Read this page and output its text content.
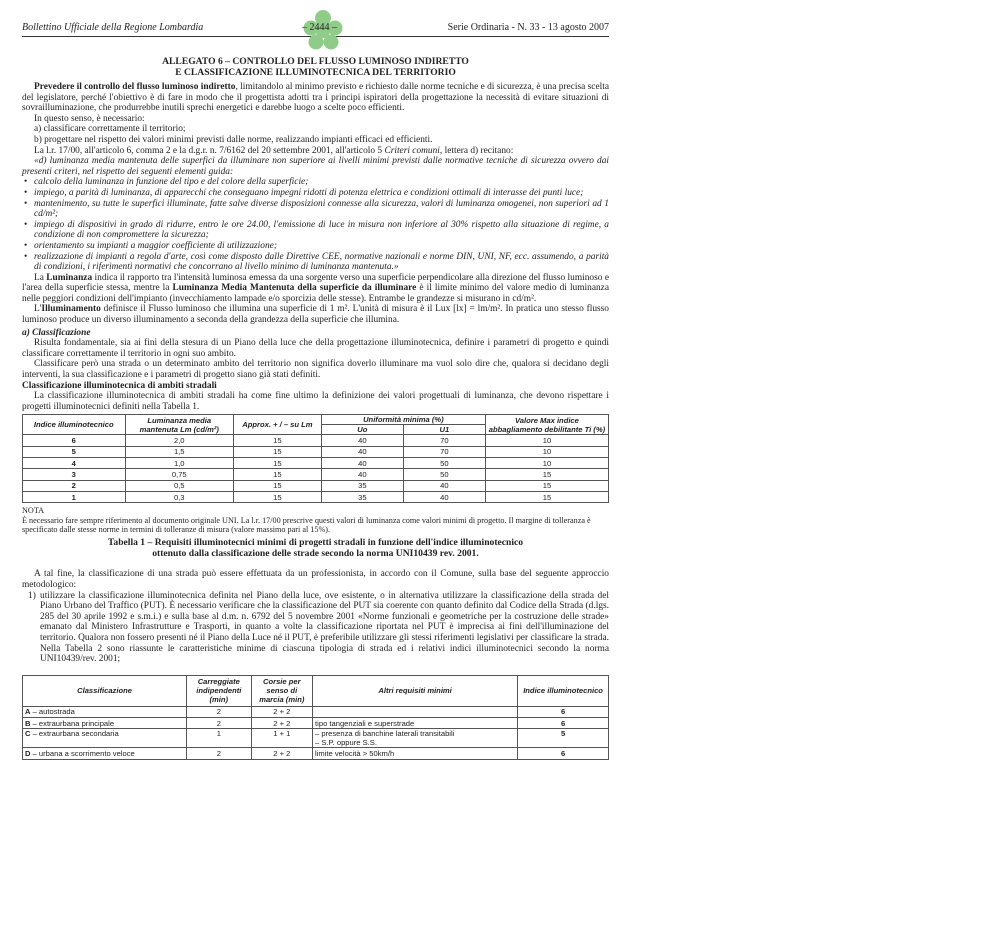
Bollettino Ufficiale della Regione Lombardia	– 2444 –	Serie Ordinaria - N. 33 - 13 agosto 2007
ALLEGATO 6 – CONTROLLO DEL FLUSSO LUMINOSO INDIRETTO
E CLASSIFICAZIONE ILLUMINOTECNICA DEL TERRITORIO

Prevedere il controllo del flusso luminoso indiretto, limitandolo al minimo previsto e richiesto dalle norme tecniche e di sicurezza, è una precisa scelta del legislatore, perché l'obiettivo è di fare in modo che il progettista adotti tra i principi ispiratori della progettazione la necessità di evitare situazioni di sovrailluminazione, che produrrebbe inutili sprechi energetici e darebbe luogo a scelte poco efficienti.

In questo senso, è necessario:

a) classificare correttamente il territorio;

b) progettare nel rispetto dei valori minimi previsti dalle norme, realizzando impianti efficaci ed efficienti.

La l.r. 17/00, all'articolo 6, comma 2 e la d.g.r. n. 7/6162 del 20 settembre 2001, all'articolo 5 Criteri comuni, lettera d) recitano:

«d) luminanza media mantenuta delle superfici da illuminare non superiore ai livelli minimi previsti dalle normative tecniche di sicurezza ovvero dai presenti criteri, nel rispetto dei seguenti elementi guida:

• calcolo della luminanza in funzione del tipo e del colore della superficie;
• impiego, a parità di luminanza, di apparecchi che conseguano impegni ridotti di potenza elettrica e condizioni ottimali di interasse dei punti luce;
• mantenimento, su tutte le superfici illuminate, fatte salve diverse disposizioni connesse alla sicurezza, valori di luminanza omogenei, non superiori ad 1 cd/m²;
• impiego di dispositivi in grado di ridurre, entro le ore 24.00, l'emissione di luce in misura non inferiore al 30% rispetto alla situazione di regime, a condizione di non compromettere la sicurezza;
• orientamento su impianti a maggior coefficiente di utilizzazione;
• realizzazione di impianti a regola d'arte, così come disposto dalle Direttive CEE, normative nazionali e norme DIN, UNI, NF, ecc. assumendo, a parità di condizioni, i riferimenti normativi che concorrano al livello minimo di luminanza mantenuta.»

La Luminanza indica il rapporto tra l'intensità luminosa emessa da una sorgente verso una superficie perpendicolare alla direzione del flusso luminoso e l'area della superficie stessa, mentre la Luminanza Media Mantenuta della superficie da illuminare è il limite minimo del valore medio di luminanza nelle peggiori condizioni dell'impianto (invecchiamento lampade e/o sporcizia delle stesse). Entrambe le grandezze si misurano in cd/m².

L'Illuminamento definisce il Flusso luminoso che illumina una superficie di 1 m². L'unità di misura è il Lux [lx] = lm/m². In pratica uno stesso flusso luminoso produce un diverso illuminamento a seconda della grandezza della superficie che illumina.

a) Classificazione

Risulta fondamentale, sia ai fini della stesura di un Piano della luce che della progettazione illuminotecnica, definire i parametri di progetto e quindi classificare correttamente il territorio in ogni suo ambito.

Classificare però una strada o un determinato ambito del territorio non significa doverlo illuminare ma vuol solo dire che, qualora si decidano degli interventi, la sua classificazione e i parametri di progetto siano già stati definiti.

Classificazione illuminotecnica di ambiti stradali

La classificazione illuminotecnica di ambiti stradali ha come fine ultimo la definizione dei valori progettuali di luminanza, che devono rispettare i progetti illuminotecnici definiti nella Tabella 1.

Indice illuminotecnico	Luminanza media mantenuta Lm (cd/m²)	Approx. + / – su Lm	Uniformità minima (%)		Valore Max indice abbagliamento debilitante Ti (%)
			Uo	U1	
6	2,0	15	40	70	10
5	1,5	15	40	70	10
4	1,0	15	40	50	10
3	0,75	15	40	50	15
2	0,5	15	35	40	15
1	0,3	15	35	40	15
NOTA
È necessario fare sempre riferimento al documento originale UNI. La l.r. 17/00 prescrive questi valori di luminanza come valori minimi di progetto. Il margine di tolleranza è specificato dalle stesse norme in termini di tolleranze di misura (valore massimo pari al 15%).
Tabella 1 – Requisiti illuminotecnici minimi di progetti stradali in funzione dell'indice illuminotecnico
ottenuto dalla classificazione delle strade secondo la norma UNI10439 rev. 2001.

A tal fine, la classificazione di una strada può essere effettuata da un professionista, in accordo con il Comune, sulla base del seguente approccio metodologico:

1) utilizzare la classificazione illuminotecnica definita nel Piano della luce, ove esistente, o in alternativa utilizzare la classificazione della strada del Piano Urbano del Traffico (PUT). È necessario verificare che la classificazione del PUT sia coerente con quanto definito dal Codice della Strada (d.lgs. 285 del 30 aprile 1992 e s.m.i.) e sulla base al d.m. n. 6792 del 5 novembre 2001 «Norme funzionali e geometriche per la costruzione delle strade» emanato dal Ministero Infrastrutture e Trasporti, in quanto a volte la classificazione riportata nel PUT è imprecisa ai fini dell'illuminazione del territorio. Qualora non fossero presenti né il Piano della Luce né il PUT, è preferibile utilizzare gli stessi riferimenti legislativi per classificare la strada. Nella Tabella 2 sono riassunte le caratteristiche minime di ciascuna tipologia di strada ed i relativi indici illuminotecnici secondo la norma UNI10439/rev. 2001;
Classificazione	Carreggiate indipendenti (min)	Corsie per senso di marcia (min)	Altri requisiti minimi	Indice illuminotecnico
A – autostrada	2	2 + 2		6
B – extraurbana principale	2	2 + 2	tipo tangenziali e superstrade	6
C – extraurbana secondaria	1	1 + 1	– presenza di banchine laterali transitabili
– S.P. oppure S.S.	5
D – urbana a scorrimento veloce	2	2 + 2	limite velocità > 50km/h	6
